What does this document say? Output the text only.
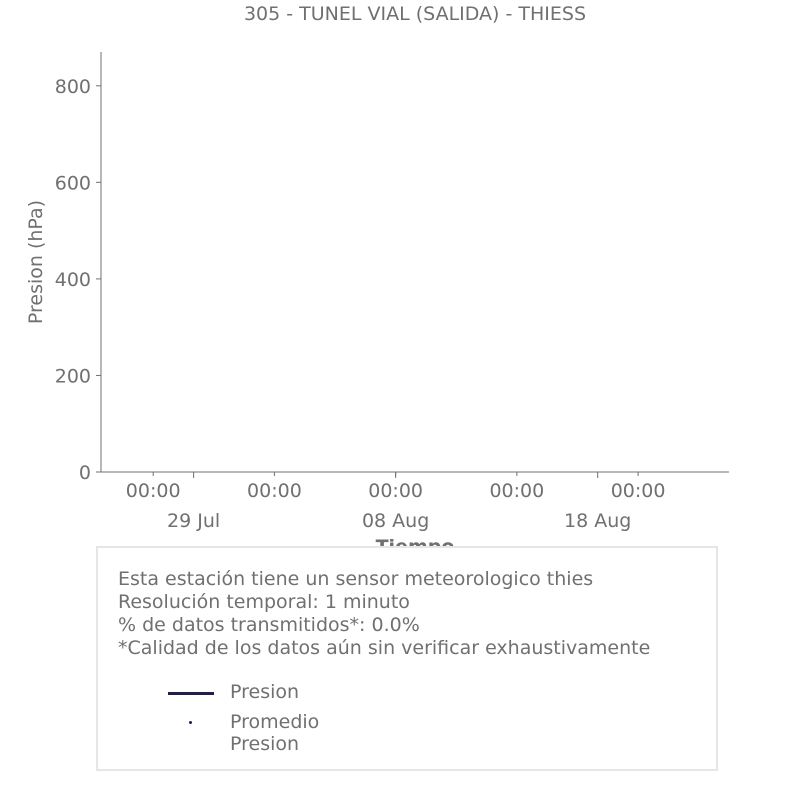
305 - TUNEL VIAL (SALIDA) - THIESS
0
200
400
600
800
00:00	00:00	00:00	00:00	00:00
29 Jul	08 Aug	18 Aug
Presion (hPa)
Esta estación tiene un sensor meteorologico thies
Resolución temporal: 1 minuto
% de datos transmitidos*: 0.0%
*Calidad de los datos aún sin verificar exhaustivamente
Presion
Promedio Presion
